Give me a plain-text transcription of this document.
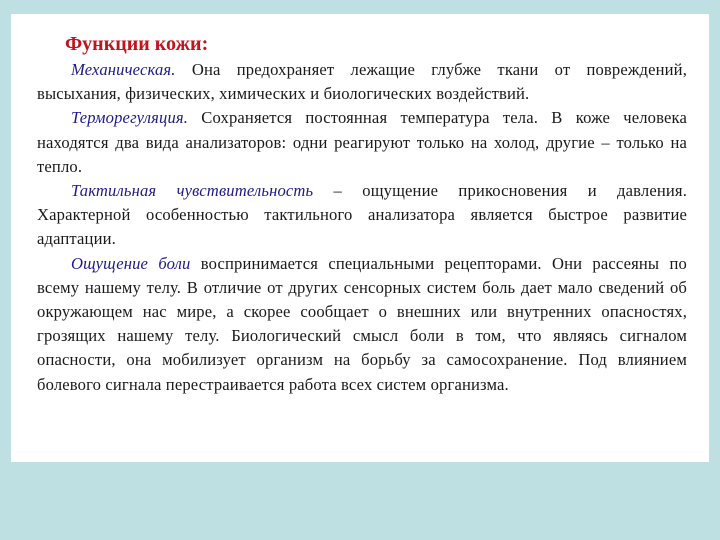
Функции кожи:

Механическая. Она предохраняет лежащие глубже ткани от повреждений, высыхания, физических, химических и биологических воздействий.

Терморегуляция. Сохраняется постоянная температура тела. В коже человека находятся два вида анализаторов: одни реагируют только на холод, другие – только на тепло.

Тактильная чувствительность – ощущение прикосновения и давления. Характерной особенностью тактильного анализатора является быстрое развитие адаптации.

Ощущение боли воспринимается специальными рецепторами. Они рассеяны по всему нашему телу. В отличие от других сенсорных систем боль дает мало сведений об окружающем нас мире, а скорее сообщает о внешних или внутренних опасностях, грозящих нашему телу. Биологический смысл боли в том, что являясь сигналом опасности, она мобилизует организм на борьбу за самосохранение. Под влиянием болевого сигнала перестраивается работа всех систем организма.
